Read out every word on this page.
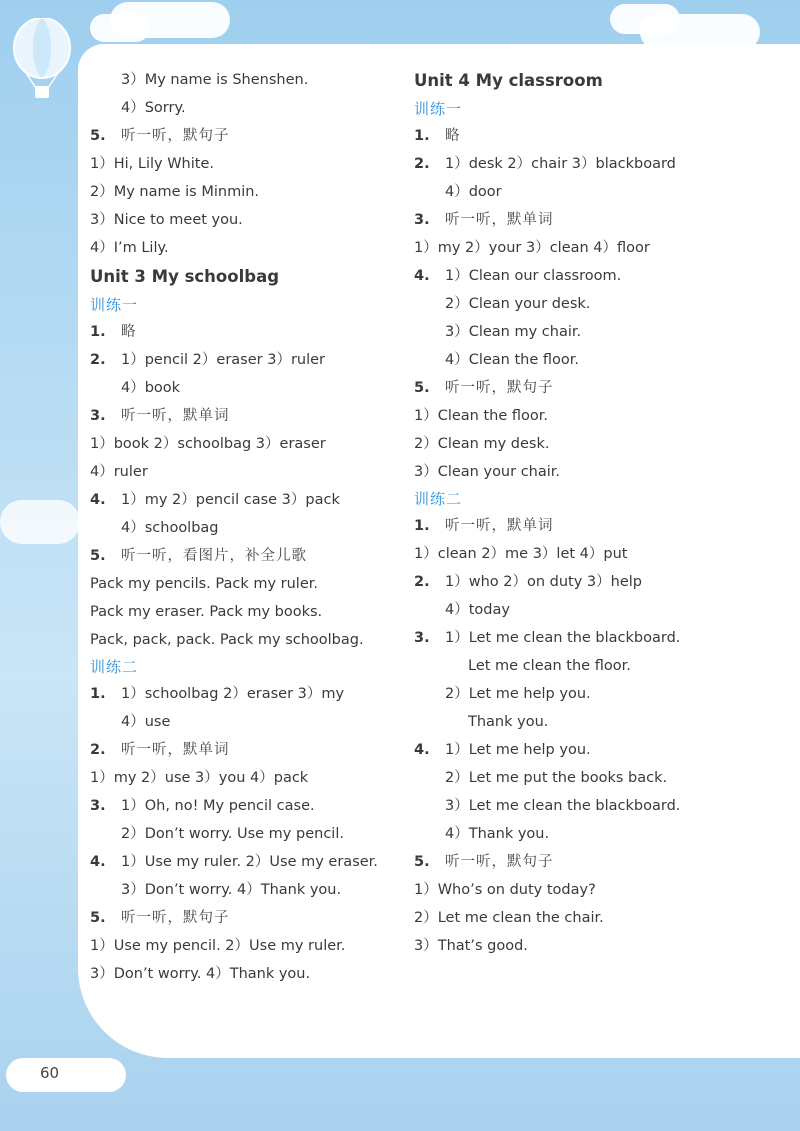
3）My name is Shenshen.
4）Sorry.
5. 听一听，默句子
1）Hi, Lily White.
2）My name is Minmin.
3）Nice to meet you.
4）I’m Lily.
Unit 3 My schoolbag
训练一
1. 略
2. 1）pencil 2）eraser 3）ruler
4）book
3. 听一听，默单词
1）book 2）schoolbag 3）eraser
4）ruler
4. 1）my 2）pencil case 3）pack
4）schoolbag
5. 听一听，看图片，补全儿歌
Pack my pencils. Pack my ruler.
Pack my eraser. Pack my books.
Pack, pack, pack. Pack my schoolbag.
训练二
1. 1）schoolbag 2）eraser 3）my
4）use
2. 听一听，默单词
1）my 2）use 3）you 4）pack
3. 1）Oh, no! My pencil case.
2）Don’t worry. Use my pencil.
4. 1）Use my ruler. 2）Use my eraser.
3）Don’t worry. 4）Thank you.
5. 听一听，默句子
1）Use my pencil. 2）Use my ruler.
3）Don’t worry. 4）Thank you.
Unit 4 My classroom
训练一
1. 略
2. 1）desk 2）chair 3）blackboard
4）door
3. 听一听，默单词
1）my 2）your 3）clean 4）floor
4. 1）Clean our classroom.
2）Clean your desk.
3）Clean my chair.
4）Clean the floor.
5. 听一听，默句子
1）Clean the floor.
2）Clean my desk.
3）Clean your chair.
训练二
1. 听一听，默单词
1）clean 2）me 3）let 4）put
2. 1）who 2）on duty 3）help
4）today
3. 1）Let me clean the blackboard.
Let me clean the floor.
2）Let me help you.
Thank you.
4. 1）Let me help you.
2）Let me put the books back.
3）Let me clean the blackboard.
4）Thank you.
5. 听一听，默句子
1）Who’s on duty today?
2）Let me clean the chair.
3）That’s good.
60
